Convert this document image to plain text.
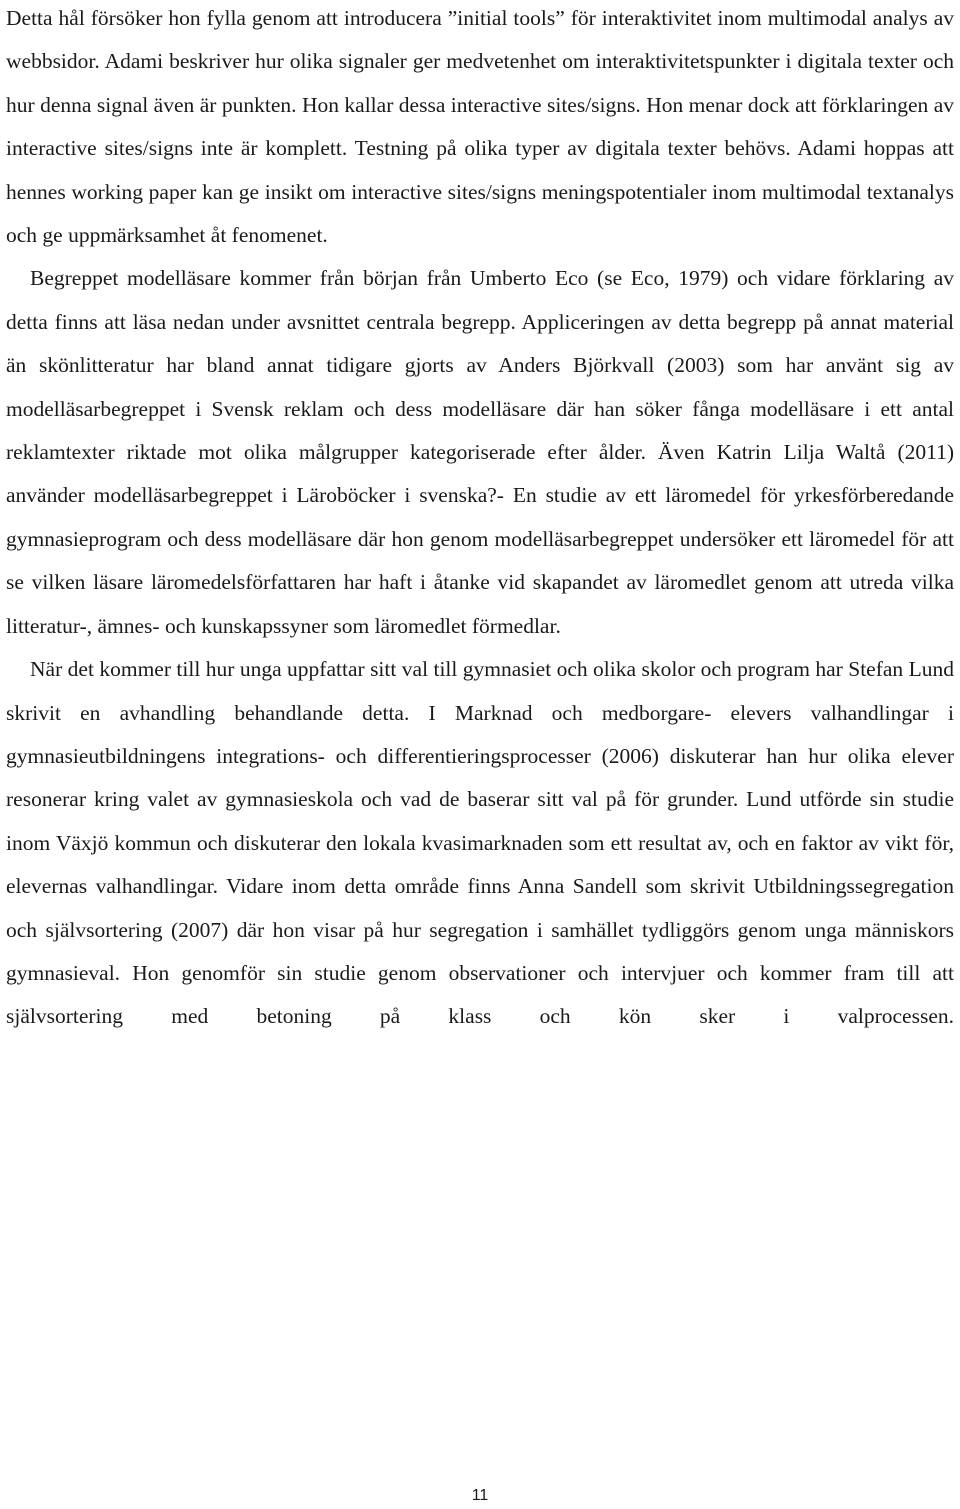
Detta hål försöker hon fylla genom att introducera ”initial tools” för interaktivitet inom multimodal analys av webbsidor. Adami beskriver hur olika signaler ger medvetenhet om interaktivitetspunkter i digitala texter och hur denna signal även är punkten. Hon kallar dessa interactive sites/signs. Hon menar dock att förklaringen av interactive sites/signs inte är komplett. Testning på olika typer av digitala texter behövs. Adami hoppas att hennes working paper kan ge insikt om interactive sites/signs meningspotentialer inom multimodal textanalys och ge uppmärksamhet åt fenomenet.

Begreppet modelläsare kommer från början från Umberto Eco (se Eco, 1979) och vidare förklaring av detta finns att läsa nedan under avsnittet centrala begrepp. Appliceringen av detta begrepp på annat material än skönlitteratur har bland annat tidigare gjorts av Anders Björkvall (2003) som har använt sig av modelläsarbegreppet i Svensk reklam och dess modelläsare där han söker fånga modelläsare i ett antal reklamtexter riktade mot olika målgrupper kategoriserade efter ålder. Även Katrin Lilja Waltå (2011) använder modelläsarbegreppet i Läroböcker i svenska?- En studie av ett läromedel för yrkesförberedande gymnasieprogram och dess modelläsare där hon genom modelläsarbegreppet undersöker ett läromedel för att se vilken läsare läromedelsförfattaren har haft i åtanke vid skapandet av läromedlet genom att utreda vilka litteratur-, ämnes- och kunskapssyner som läromedlet förmedlar.

När det kommer till hur unga uppfattar sitt val till gymnasiet och olika skolor och program har Stefan Lund skrivit en avhandling behandlande detta. I Marknad och medborgare- elevers valhandlingar i gymnasieutbildningens integrations- och differentieringsprocesser (2006) diskuterar han hur olika elever resonerar kring valet av gymnasieskola och vad de baserar sitt val på för grunder. Lund utförde sin studie inom Växjö kommun och diskuterar den lokala kvasimarknaden som ett resultat av, och en faktor av vikt för, elevernas valhandlingar. Vidare inom detta område finns Anna Sandell som skrivit Utbildningssegregation och självsortering (2007) där hon visar på hur segregation i samhället tydliggörs genom unga människors gymnasieval. Hon genomför sin studie genom observationer och intervjuer och kommer fram till att självsortering med betoning på klass och kön sker i valprocessen.

11
